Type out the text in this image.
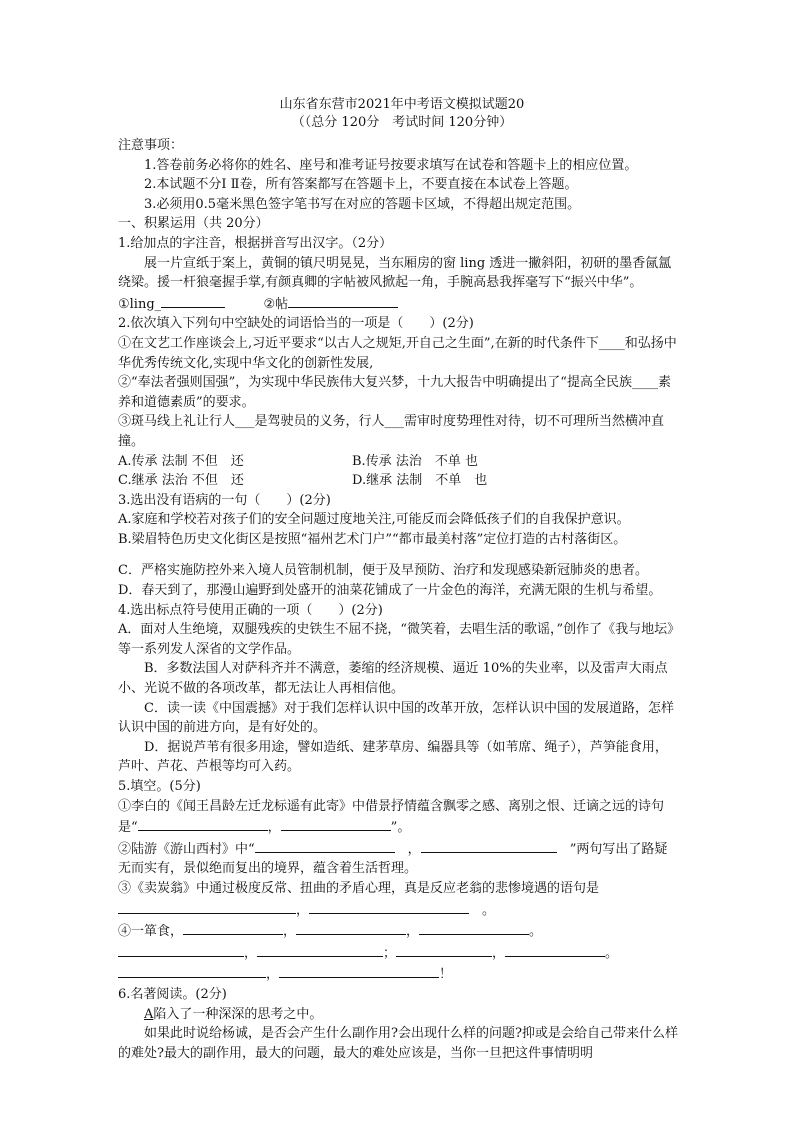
山东省东营市2021年中考语文模拟试题20
（（总分 120分　考试时间 120分钟）

注意事项：

1.答卷前务必将你的姓名、座号和准考证号按要求填写在试卷和答题卡上的相应位置。

2.本试题不分Ⅰ Ⅱ卷，所有答案都写在答题卡上，不要直接在本试卷上答题。

3.必须用0.5毫米黑色签字笔书写在对应的答题卡区域，不得超出规定范围。

一、积累运用（共 20分）

1.给加点的字注音，根据拼音写出汉字。（2分）

展一片宣纸于案上，黄铜的镇尺明晃晃，当东厢房的窗 ling 透进一撇斜阳，初研的墨香氤氲绕梁。援一杆狼毫握手掌,有颜真卿的字帖被风掀起一角，手腕高悬我挥毫写下“振兴中华”。

①ling_	②帖

2.依次填入下列句中空缺处的词语恰当的一项是（　　）(2分)

①在文艺工作座谈会上,习近平要求“以古人之规矩,开自己之生面”,在新的时代条件下____和弘扬中华优秀传统文化,实现中华文化的创新性发展,

②“奉法者强则国强”，为实现中华民族伟大复兴梦，十九大报告中明确提出了“提高全民族____素养和道德素质”的要求。

③斑马线上礼让行人___是驾驶员的义务，行人___需审时度势理性对待，切不可理所当然横冲直撞。

A.传承 法制 不但　还	B.传承 法治　不单 也
C.继承 法治 不但　还	D.继承 法制　不单　也

3.选出没有语病的一句（　　）(2分)

A.家庭和学校若对孩子们的安全问题过度地关注,可能反而会降低孩子们的自我保护意识。

B.梁眉特色历史文化街区是按照“福州艺术门户”“都市最美村落”定位打造的古村落街区。

C．严格实施防控外来入境人员管制机制，便于及早预防、治疗和发现感染新冠肺炎的患者。

D．春天到了，那漫山遍野到处盛开的油菜花铺成了一片金色的海洋，充满无限的生机与希望。

4.选出标点符号使用正确的一项（　　）(2分)

A．面对人生绝境，双腿残疾的史铁生不屈不挠，“微笑着，去唱生活的歌谣，”创作了《我与地坛》等一系列发人深省的文学作品。

B．多数法国人对萨科齐并不满意，萎缩的经济规模、逼近 10%的失业率，以及雷声大雨点小、光说不做的各项改革，都无法让人再相信他。

C．读一读《中国震撼》对于我们怎样认识中国的改革开放，怎样认识中国的发展道路，怎样认识中国的前进方向，是有好处的。

D．据说芦苇有很多用途，譬如造纸、建茅草房、编器具等（如苇席、绳子），芦笋能食用，芦叶、芦花、芦根等均可入药。

5.填空。(5分)

①李白的《闻王昌龄左迁龙标遥有此寄》中借景抒情蕴含飘零之感、离别之恨、迁谪之远的诗句是“	，	”。

②陆游《游山西村》中“	　，　	”两句写出了路疑无而实有，景似绝而复出的境界，蕴含着生活哲理。

③《卖炭翁》中通过极度反常、扭曲的矛盾心理，真是反应老翁的悲惨境遇的语句是，	　。

④一箪食，	，	，	。

，	；	，	。

，	！

6.名著阅读。(2分)

A陷入了一种深深的思考之中。

如果此时说给杨诚，是否会产生什么副作用?会出现什么样的问题?抑或是会给自己带来什么样的难处?最大的副作用，最大的问题，最大的难处应该是，当你一旦把这件事情明明
